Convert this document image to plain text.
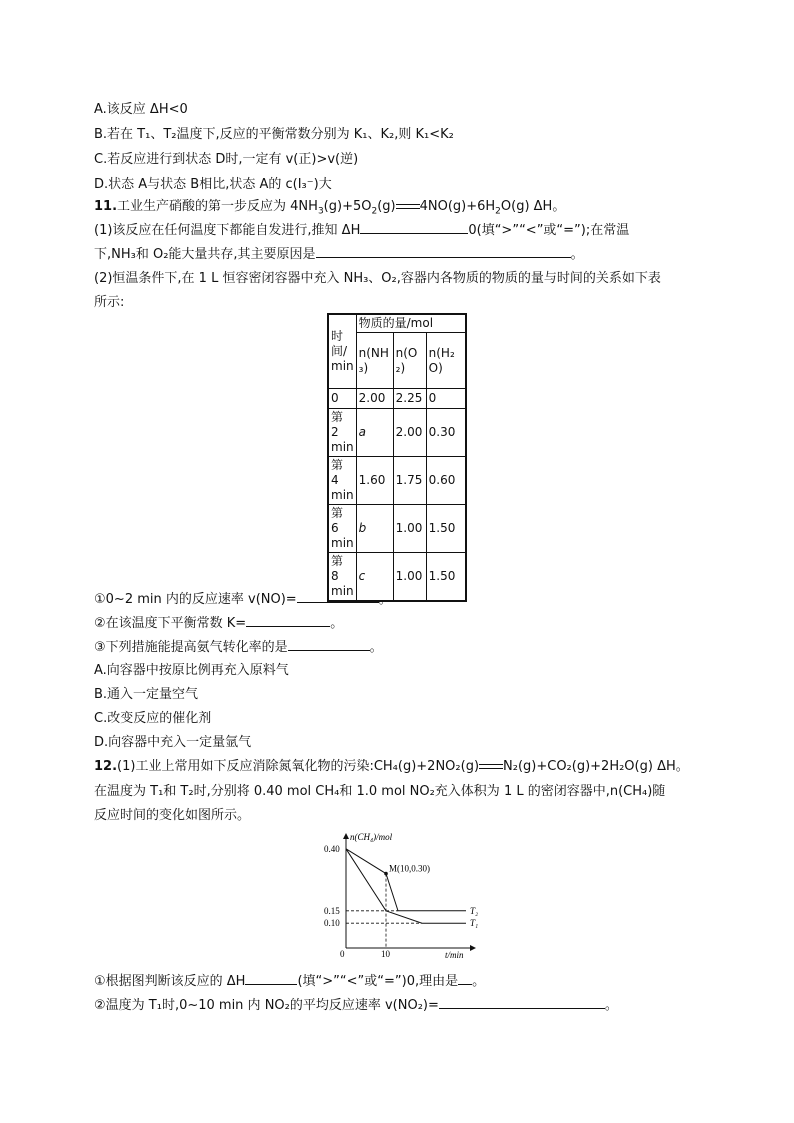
A.该反应 ΔH<0
B.若在 T₁、T₂温度下,反应的平衡常数分别为 K₁、K₂,则 K₁<K₂
C.若反应进行到状态 D时,一定有 v(正)>v(逆)
D.状态 A与状态 B相比,状态 A的 c(I₃⁻)大
11.工业生产硝酸的第一步反应为 $4NH_3(g)+5O_2(g)$ $4NO(g)+6H_2O(g)$ ΔH。
(1)该反应在任何温度下都能自发进行,推知 ΔH	0(填“>”“<”或“=”);在常温
下,NH₃和 O₂能大量共存,其主要原因是	。
(2)恒温条件下,在 1 L 恒容密闭容器中充入 NH₃、O₂,容器内各物质的物质的量与时间的关系如下表
所示:
时间/min	物质的量/mol		
	n(NH₃)	n(O₂)	n(H₂O)
0	2.00	2.25	0
第 2 min	a	2.00	0.30
第 4 min	1.60	1.75	0.60
第 6 min	b	1.00	1.50
第 8 min	c	1.00	1.50
①0~2 min 内的反应速率 v(NO)=	。
②在该温度下平衡常数 K=	。
③下列措施能提高氨气转化率的是	。
A.向容器中按原比例再充入原料气
B.通入一定量空气
C.改变反应的催化剂
D.向容器中充入一定量氩气
12.(1)工业上常用如下反应消除氮氧化物的污染:CH₄(g)+2NO₂(g) N₂(g)+CO₂(g)+2H₂O(g) ΔH。
在温度为 T₁和 T₂时,分别将 0.40 mol CH₄和 1.0 mol NO₂充入体积为 1 L 的密闭容器中,n(CH₄)随
反应时间的变化如图所示。
n(CH₄)/mol
t/min
0	10
0.40
0.15
0.10
M(10,0.30)
T₂
T₁
①根据图判断该反应的 ΔH	(填“>”“<”或“=”)0,理由是 。
②温度为 T₁时,0~10 min 内 NO₂的平均反应速率 v(NO₂)=	。
